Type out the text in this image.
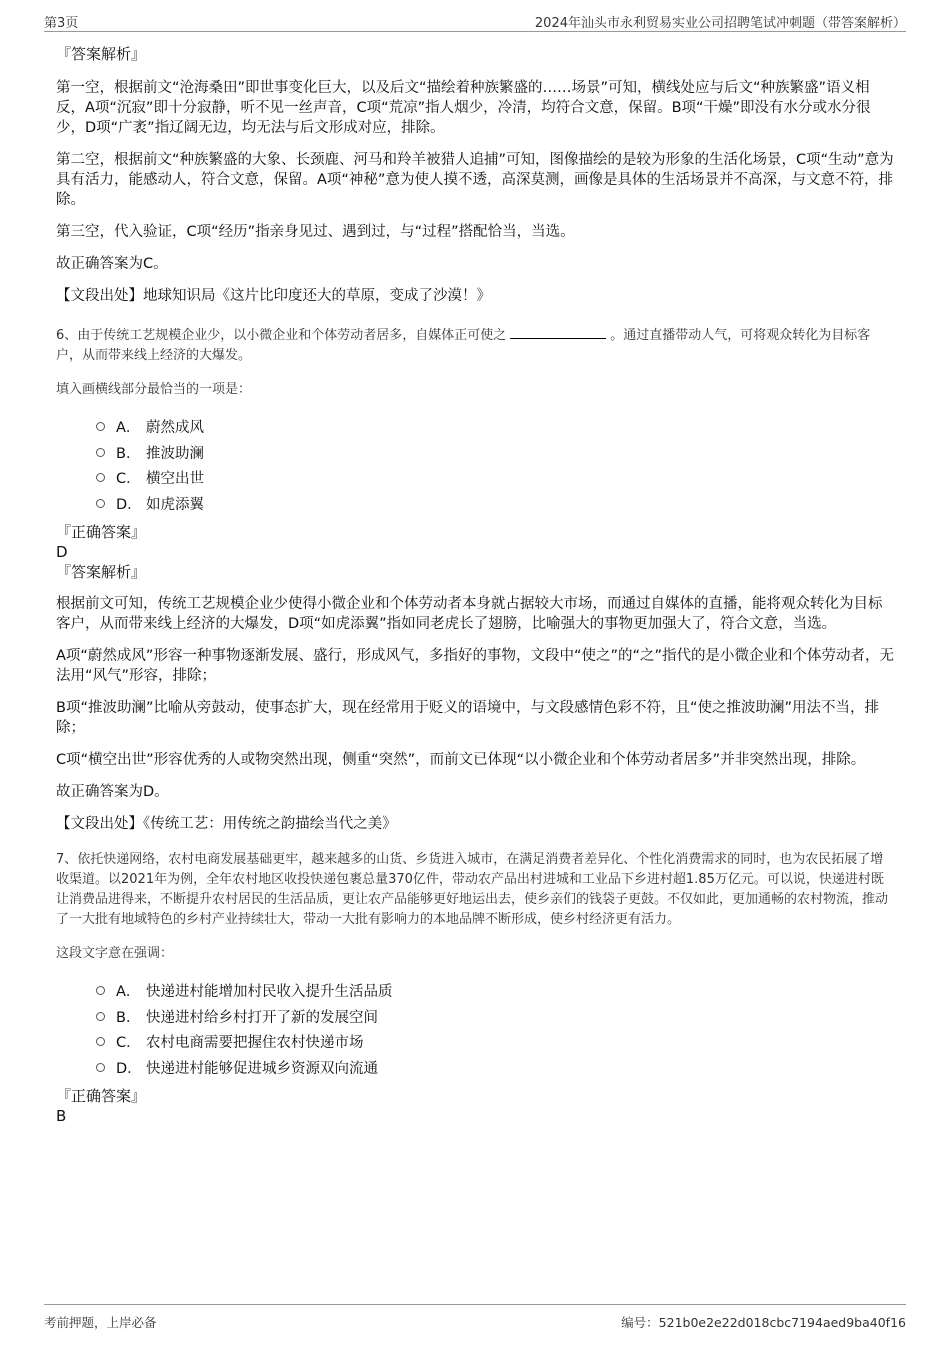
第3页	2024年汕头市永利贸易实业公司招聘笔试冲刺题（带答案解析）

『答案解析』

第一空，根据前文“沧海桑田”即世事变化巨大，以及后文“描绘着种族繁盛的……场景”可知，横线处应与后文“种族繁盛”语义相反，A项“沉寂”即十分寂静，听不见一丝声音，C项“荒凉”指人烟少，冷清，均符合文意，保留。B项“干燥”即没有水分或水分很少，D项“广袤”指辽阔无边，均无法与后文形成对应，排除。

第二空，根据前文“种族繁盛的大象、长颈鹿、河马和羚羊被猎人追捕”可知，图像描绘的是较为形象的生活化场景，C项“生动”意为具有活力，能感动人，符合文意，保留。A项“神秘”意为使人摸不透，高深莫测，画像是具体的生活场景并不高深，与文意不符，排除。

第三空，代入验证，C项“经历”指亲身见过、遇到过，与“过程”搭配恰当，当选。

故正确答案为C。

【文段出处】地球知识局《这片比印度还大的草原，变成了沙漠！》

6、由于传统工艺规模企业少，以小微企业和个体劳动者居多，自媒体正可使之	。通过直播带动人气，可将观众转化为目标客户，从而带来线上经济的大爆发。

填入画横线部分最恰当的一项是：

A． 蔚然成风
B． 推波助澜
C． 横空出世
D． 如虎添翼

『正确答案』

D

『答案解析』

根据前文可知，传统工艺规模企业少使得小微企业和个体劳动者本身就占据较大市场，而通过自媒体的直播，能将观众转化为目标客户，从而带来线上经济的大爆发，D项“如虎添翼”指如同老虎长了翅膀，比喻强大的事物更加强大了，符合文意，当选。

A项“蔚然成风”形容一种事物逐渐发展、盛行，形成风气，多指好的事物，文段中“使之”的“之”指代的是小微企业和个体劳动者，无法用“风气”形容，排除；

B项“推波助澜”比喻从旁鼓动，使事态扩大，现在经常用于贬义的语境中，与文段感情色彩不符，且“使之推波助澜”用法不当，排除；

C项“横空出世”形容优秀的人或物突然出现，侧重“突然”，而前文已体现“以小微企业和个体劳动者居多”并非突然出现，排除。

故正确答案为D。

【文段出处】《传统工艺：用传统之韵描绘当代之美》

7、依托快递网络，农村电商发展基础更牢，越来越多的山货、乡货进入城市，在满足消费者差异化、个性化消费需求的同时，也为农民拓展了增收渠道。以2021年为例，全年农村地区收投快递包裹总量370亿件，带动农产品出村进城和工业品下乡进村超1.85万亿元。可以说，快递进村既让消费品进得来，不断提升农村居民的生活品质，更让农产品能够更好地运出去，使乡亲们的钱袋子更鼓。不仅如此，更加通畅的农村物流，推动了一大批有地域特色的乡村产业持续壮大，带动一大批有影响力的本地品牌不断形成，使乡村经济更有活力。

这段文字意在强调：

A． 快递进村能增加村民收入提升生活品质
B． 快递进村给乡村打开了新的发展空间
C． 农村电商需要把握住农村快递市场
D． 快递进村能够促进城乡资源双向流通

『正确答案』

B

考前押题，上岸必备	编号：521b0e2e22d018cbc7194aed9ba40f16
